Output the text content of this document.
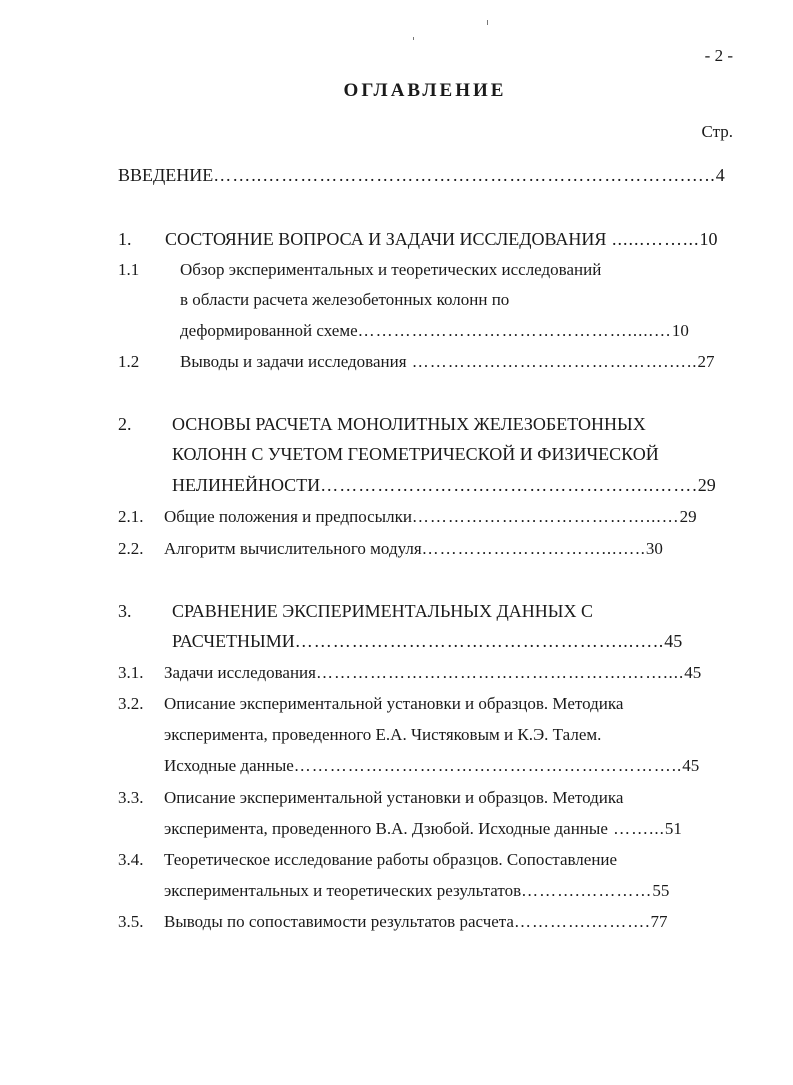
- 2 -
ОГЛАВЛЕНИЕ
Стр.
ВВЕДЕНИЕ……..………………………………………………………….…..4
1. СОСТОЯНИЕ ВОПРОСА И ЗАДАЧИ ИССЛЕДОВАНИЯ ......……...10
1.1 Обзор экспериментальных и теоретических исследований
в области расчета железобетонных колонн по
деформированной схеме……………………………………….....…10
1.2 Выводы и задачи исследования …………………………………….…..27
2. ОСНОВЫ РАСЧЕТА МОНОЛИТНЫХ ЖЕЛЕЗОБЕТОННЫХ
КОЛОНН С УЧЕТОМ ГЕОМЕТРИЧЕСКОЙ И ФИЗИЧЕСКОЙ
НЕЛИНЕЙНОСТИ……………………………………………..…….29
2.1. Общие положения и предпосылки…………………………………...…29
2.2. Алгоритм вычислительного модуля…………………………...…..30
3. СРАВНЕНИЕ ЭКСПЕРИМЕНТАЛЬНЫХ ДАННЫХ С
РАСЧЕТНЫМИ……………………………………………...…..45
3.1. Задачи исследования…………………………………………….……....45
3.2. Описание экспериментальной установки и образцов. Методика
эксперимента, проведенного Е.А. Чистяковым и К.Э. Талем.
Исходные данные………………………………………………………..45
3.3. Описание экспериментальной установки и образцов. Методика
эксперимента, проведенного В.А. Дзюбой. Исходные данные ……...51
3.4. Теоретическое исследование работы образцов. Сопоставление
экспериментальных и теоретических результатов……….…………55
3.5. Выводы по сопоставимости результатов расчета………….……….77
